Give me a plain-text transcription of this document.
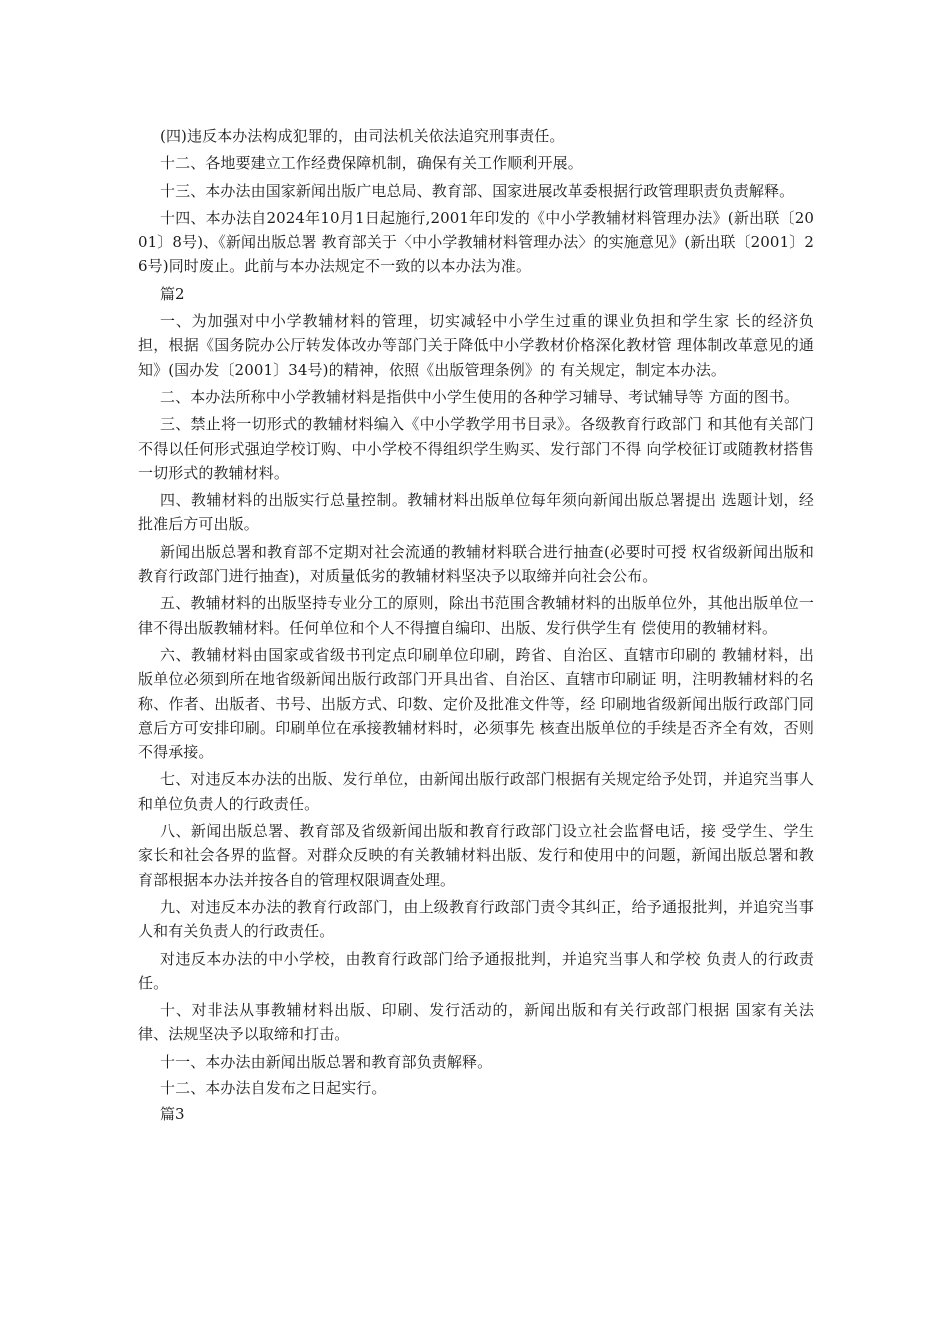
(四)违反本办法构成犯罪的，由司法机关依法追究刑事责任。

十二、各地要建立工作经费保障机制，确保有关工作顺利开展。

十三、本办法由国家新闻出版广电总局、教育部、国家进展改革委根据行政管理职责负责解释。

十四、本办法自2024年10月1日起施行,2001年印发的《中小学教辅材料管理办法》(新出联〔2001〕8号)、《新闻出版总署 教育部关于〈中小学教辅材料管理办法〉的实施意见》(新出联〔2001〕26号)同时废止。此前与本办法规定不一致的以本办法为准。

篇2

一、为加强对中小学教辅材料的管理，切实减轻中小学生过重的课业负担和学生家 长的经济负担，根据《国务院办公厅转发体改办等部门关于降低中小学教材价格深化教材管 理体制改革意见的通知》(国办发〔2001〕34号)的精神，依照《出版管理条例》的 有关规定，制定本办法。

二、本办法所称中小学教辅材料是指供中小学生使用的各种学习辅导、考试辅导等 方面的图书。

三、禁止将一切形式的教辅材料编入《中小学教学用书目录》。各级教育行政部门 和其他有关部门不得以任何形式强迫学校订购、中小学校不得组织学生购买、发行部门不得 向学校征订或随教材搭售一切形式的教辅材料。

四、教辅材料的出版实行总量控制。教辅材料出版单位每年须向新闻出版总署提出 选题计划，经批准后方可出版。

新闻出版总署和教育部不定期对社会流通的教辅材料联合进行抽查(必要时可授 权省级新闻出版和教育行政部门进行抽查)，对质量低劣的教辅材料坚决予以取缔并向社会公布。

五、教辅材料的出版坚持专业分工的原则，除出书范围含教辅材料的出版单位外，其他出版单位一律不得出版教辅材料。任何单位和个人不得擅自编印、出版、发行供学生有 偿使用的教辅材料。

六、教辅材料由国家或省级书刊定点印刷单位印刷，跨省、自治区、直辖市印刷的 教辅材料，出版单位必须到所在地省级新闻出版行政部门开具出省、自治区、直辖市印刷证 明，注明教辅材料的名称、作者、出版者、书号、出版方式、印数、定价及批准文件等，经 印刷地省级新闻出版行政部门同意后方可安排印刷。印刷单位在承接教辅材料时，必须事先 核查出版单位的手续是否齐全有效，否则不得承接。

七、对违反本办法的出版、发行单位，由新闻出版行政部门根据有关规定给予处罚，并追究当事人和单位负责人的行政责任。

八、新闻出版总署、教育部及省级新闻出版和教育行政部门设立社会监督电话，接 受学生、学生家长和社会各界的监督。对群众反映的有关教辅材料出版、发行和使用中的问题，新闻出版总署和教育部根据本办法并按各自的管理权限调查处理。

九、对违反本办法的教育行政部门，由上级教育行政部门责令其纠正，给予通报批判，并追究当事人和有关负责人的行政责任。

对违反本办法的中小学校，由教育行政部门给予通报批判，并追究当事人和学校 负责人的行政责任。

十、对非法从事教辅材料出版、印刷、发行活动的，新闻出版和有关行政部门根据 国家有关法律、法规坚决予以取缔和打击。

十一、本办法由新闻出版总署和教育部负责解释。

十二、本办法自发布之日起实行。

篇3
